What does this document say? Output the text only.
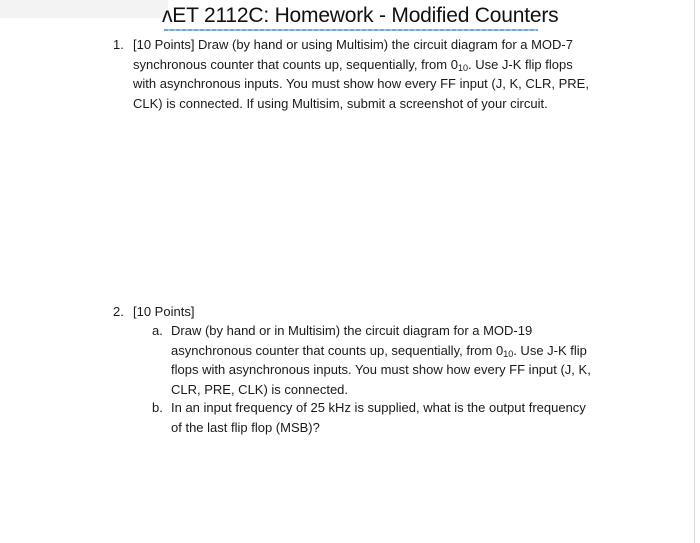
ʌET 2112C: Homework - Modified Counters
1. [10 Points] Draw (by hand or using Multisim) the circuit diagram for a MOD-7
synchronous counter that counts up, sequentially, from $0_{10}$. Use J-K flip flops
with asynchronous inputs. You must show how every FF input (J, K, CLR, PRE,
CLK) is connected. If using Multisim, submit a screenshot of your circuit.
2. [10 Points]
a. Draw (by hand or in Multisim) the circuit diagram for a MOD-19
asynchronous counter that counts up, sequentially, from $0_{10}$. Use J-K flip
flops with asynchronous inputs. You must show how every FF input (J, K,
CLR, PRE, CLK) is connected.
b. In an input frequency of 25 kHz is supplied, what is the output frequency
of the last flip flop (MSB)?
